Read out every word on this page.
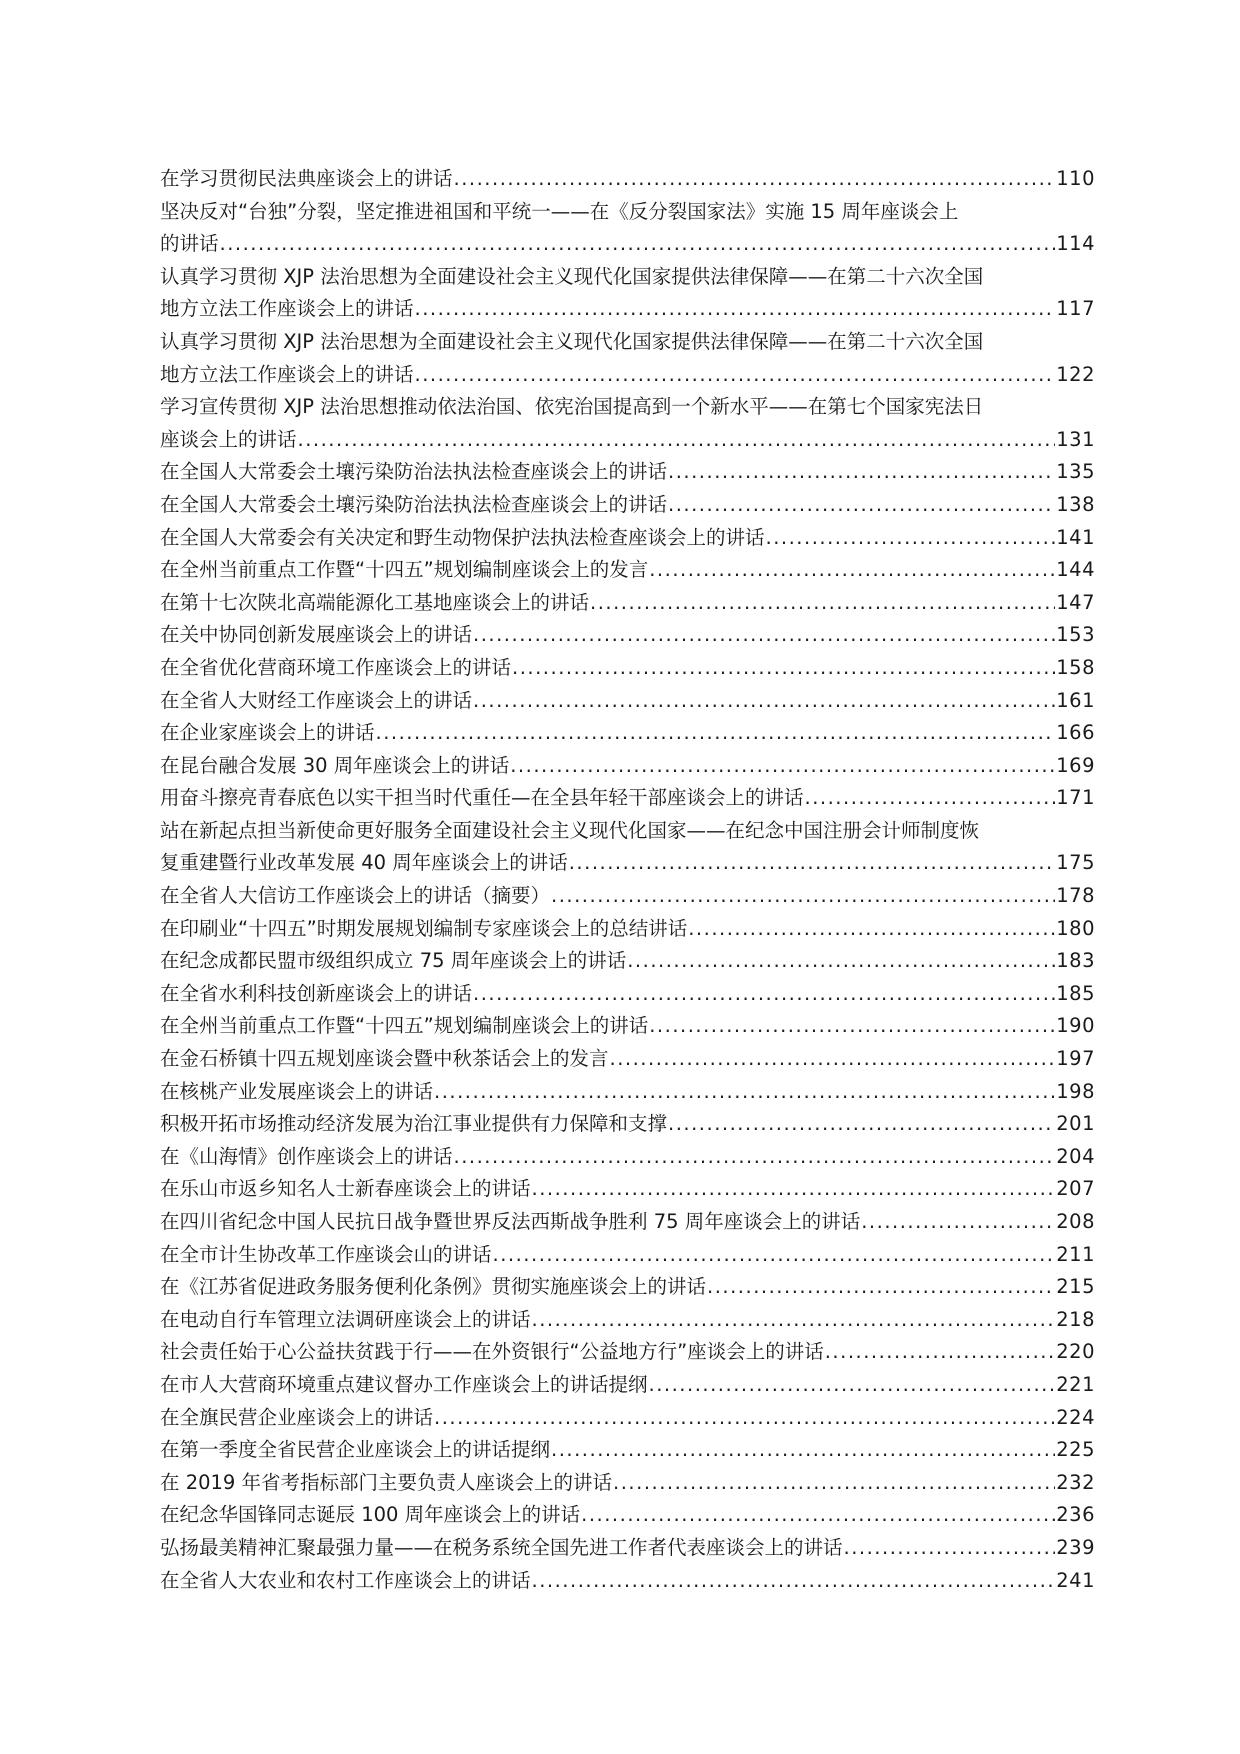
在学习贯彻民法典座谈会上的讲话 .....	110
坚决反对“台独”分裂，坚定推进祖国和平统一——在《反分裂国家法》实施 15 周年座谈会上
的讲话 .....	114
认真学习贯彻 XJP 法治思想为全面建设社会主义现代化国家提供法律保障——在第二十六次全国
地方立法工作座谈会上的讲话 .....	117
认真学习贯彻 XJP 法治思想为全面建设社会主义现代化国家提供法律保障——在第二十六次全国
地方立法工作座谈会上的讲话 .....	122
学习宣传贯彻 XJP 法治思想推动依法治国、依宪治国提高到一个新水平——在第七个国家宪法日
座谈会上的讲话 .....	131
在全国人大常委会土壤污染防治法执法检查座谈会上的讲话 .....	135
在全国人大常委会土壤污染防治法执法检查座谈会上的讲话 .....	138
在全国人大常委会有关决定和野生动物保护法执法检查座谈会上的讲话 .....	141
在全州当前重点工作暨“十四五”规划编制座谈会上的发言 .....	144
在第十七次陕北高端能源化工基地座谈会上的讲话 .....	147
在关中协同创新发展座谈会上的讲话 .....	153
在全省优化营商环境工作座谈会上的讲话 .....	158
在全省人大财经工作座谈会上的讲话 .....	161
在企业家座谈会上的讲话 .....	166
在昆台融合发展 30 周年座谈会上的讲话 .....	169
用奋斗擦亮青春底色以实干担当时代重任—在全县年轻干部座谈会上的讲话 .....	171
站在新起点担当新使命更好服务全面建设社会主义现代化国家——在纪念中国注册会计师制度恢
复重建暨行业改革发展 40 周年座谈会上的讲话 .....	175
在全省人大信访工作座谈会上的讲话（摘要） .....	178
在印刷业“十四五”时期发展规划编制专家座谈会上的总结讲话 .....	180
在纪念成都民盟市级组织成立 75 周年座谈会上的讲话 .....	183
在全省水利科技创新座谈会上的讲话 .....	185
在全州当前重点工作暨“十四五”规划编制座谈会上的讲话 .....	190
在金石桥镇十四五规划座谈会暨中秋茶话会上的发言 .....	197
在核桃产业发展座谈会上的讲话 .....	198
积极开拓市场推动经济发展为治江事业提供有力保障和支撑 .....	201
在《山海情》创作座谈会上的讲话 .....	204
在乐山市返乡知名人士新春座谈会上的讲话 .....	207
在四川省纪念中国人民抗日战争暨世界反法西斯战争胜利 75 周年座谈会上的讲话 .....	208
在全市计生协改革工作座谈会山的讲话 .....	211
在《江苏省促进政务服务便利化条例》贯彻实施座谈会上的讲话 .....	215
在电动自行车管理立法调研座谈会上的讲话 .....	218
社会责任始于心公益扶贫践于行——在外资银行“公益地方行”座谈会上的讲话 .....	220
在市人大营商环境重点建议督办工作座谈会上的讲话提纲 .....	221
在全旗民营企业座谈会上的讲话 .....	224
在第一季度全省民营企业座谈会上的讲话提纲 .....	225
在 2019 年省考指标部门主要负责人座谈会上的讲话 .....	232
在纪念华国锋同志诞辰 100 周年座谈会上的讲话 .....	236
弘扬最美精神汇聚最强力量——在税务系统全国先进工作者代表座谈会上的讲话 .....	239
在全省人大农业和农村工作座谈会上的讲话 .....	241
